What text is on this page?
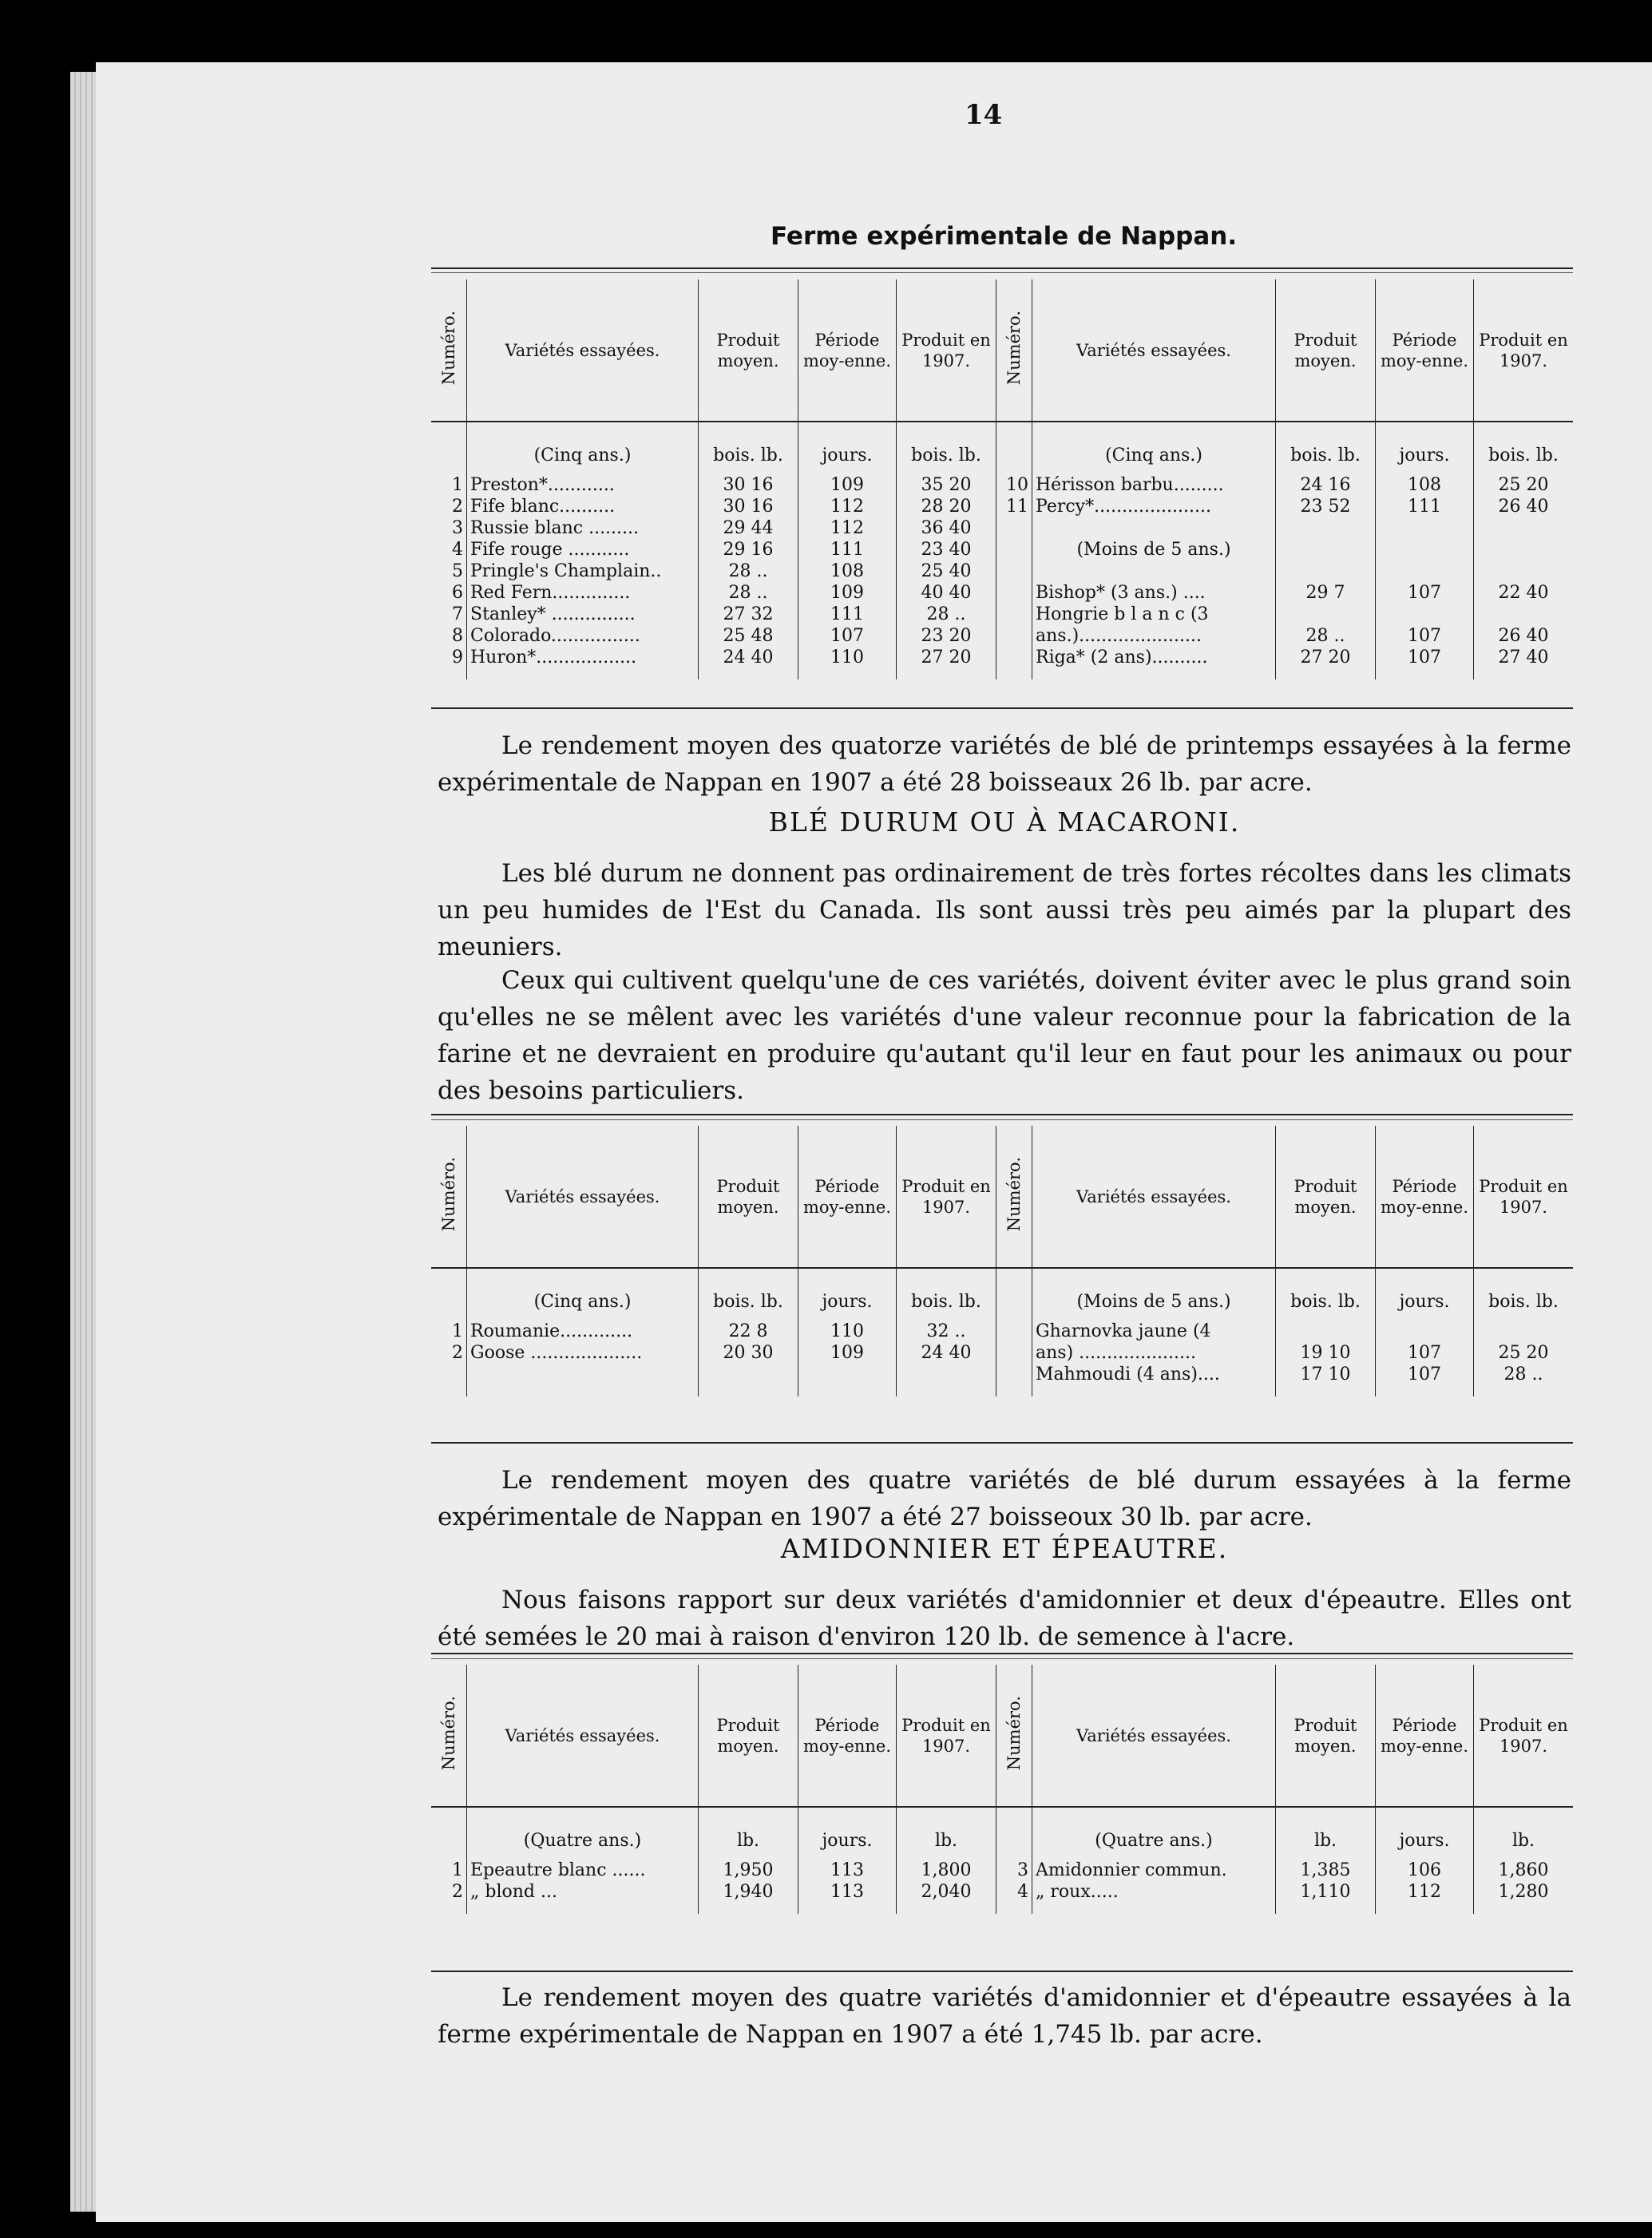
14
Ferme expérimentale de Nappan.
Numéro.	Variétés essayées.	Produit moyen.	Période moy-enne.	Produit en 1907.	Numéro.	Variétés essayées.	Produit moyen.	Période moy-enne.	Produit en 1907.
	(Cinq ans.)	bois. lb.	jours.	bois. lb.		(Cinq ans.)	bois. lb.	jours.	bois. lb.
1	Preston*............	30 16	109	35 20	10	Hérisson barbu.........	24 16	108	25 20
2	Fife blanc..........	30 16	112	28 20	11	Percy*.....................	23 52	111	26 40
3	Russie blanc .........	29 44	112	36 40					
4	Fife rouge ...........	29 16	111	23 40		(Moins de 5 ans.)			
5	Pringle's Champlain..	28 ..	108	25 40					
6	Red Fern..............	28 ..	109	40 40		Bishop* (3 ans.) ....	29 7	107	22 40
7	Stanley* ...............	27 32	111	28 ..		Hongrie b l a n c (3			
8	Colorado................	25 48	107	23 20		ans.)......................	28 ..	107	26 40
9	Huron*..................	24 40	110	27 20		Riga* (2 ans)..........	27 20	107	27 40

Le rendement moyen des quatorze variétés de blé de printemps essayées à la ferme expérimentale de Nappan en 1907 a été 28 boisseaux 26 lb. par acre.

BLÉ DURUM OU À MACARONI.

Les blé durum ne donnent pas ordinairement de très fortes récoltes dans les climats un peu humides de l'Est du Canada. Ils sont aussi très peu aimés par la plupart des meuniers.

Ceux qui cultivent quelqu'une de ces variétés, doivent éviter avec le plus grand soin qu'elles ne se mêlent avec les variétés d'une valeur reconnue pour la fabrication de la farine et ne devraient en produire qu'autant qu'il leur en faut pour les animaux ou pour des besoins particuliers.

Numéro.	Variétés essayées.	Produit moyen.	Période moy-enne.	Produit en 1907.	Numéro.	Variétés essayées.	Produit moyen.	Période moy-enne.	Produit en 1907.
	(Cinq ans.)	bois. lb.	jours.	bois. lb.		(Moins de 5 ans.)	bois. lb.	jours.	bois. lb.
1	Roumanie.............	22 8	110	32 ..		Gharnovka jaune (4			
2	Goose ....................	20 30	109	24 40		ans) .....................	19 10	107	25 20
						Mahmoudi (4 ans)....	17 10	107	28 ..

Le rendement moyen des quatre variétés de blé durum essayées à la ferme expérimentale de Nappan en 1907 a été 27 boisseoux 30 lb. par acre.

AMIDONNIER ET ÉPEAUTRE.

Nous faisons rapport sur deux variétés d'amidonnier et deux d'épeautre. Elles ont été semées le 20 mai à raison d'environ 120 lb. de semence à l'acre.

Numéro.	Variétés essayées.	Produit moyen.	Période moy-enne.	Produit en 1907.	Numéro.	Variétés essayées.	Produit moyen.	Période moy-enne.	Produit en 1907.
	(Quatre ans.)	lb.	jours.	lb.		(Quatre ans.)	lb.	jours.	lb.
1	Epeautre blanc ......	1,950	113	1,800	3	Amidonnier commun.	1,385	106	1,860
2	„ blond ...	1,940	113	2,040	4	„ roux.....	1,110	112	1,280

Le rendement moyen des quatre variétés d'amidonnier et d'épeautre essayées à la ferme expérimentale de Nappan en 1907 a été 1,745 lb. par acre.
